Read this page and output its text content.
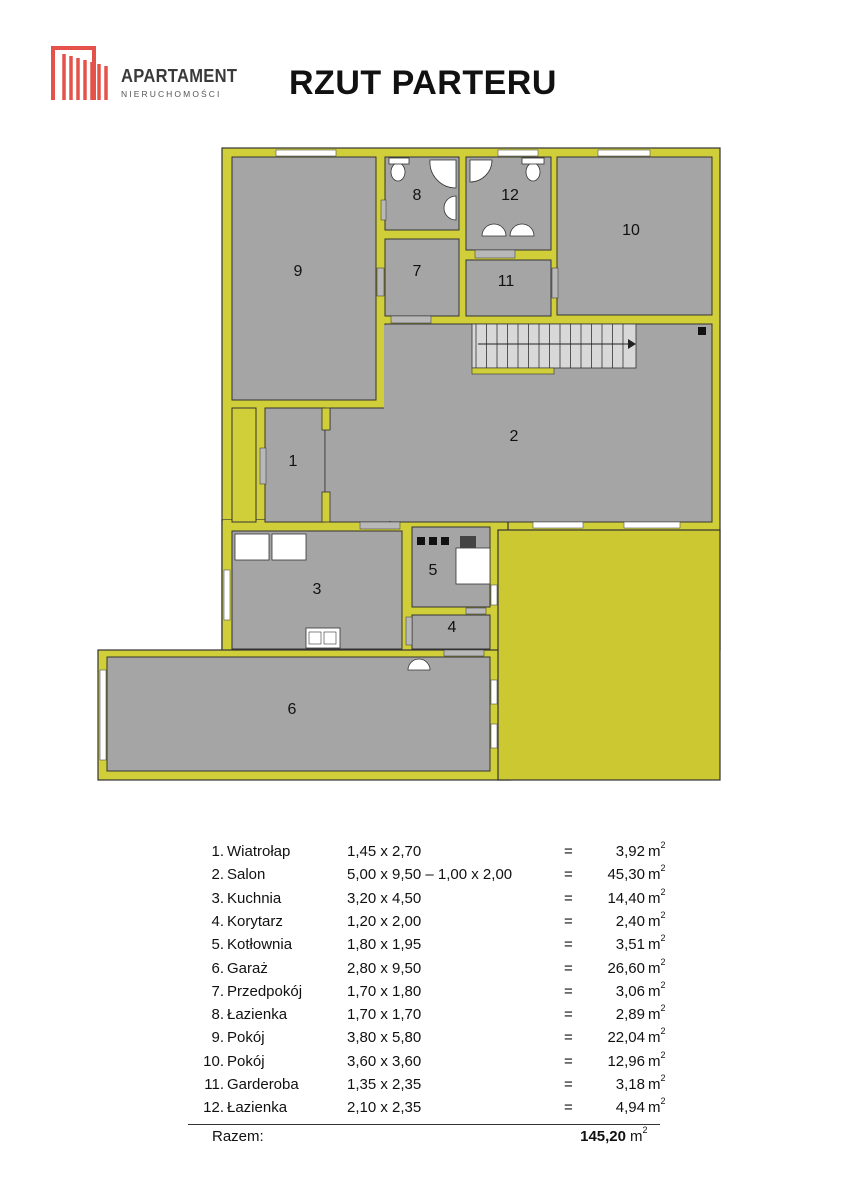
APARTAMENT
NIERUCHOMOŚCI RZUT PARTERU
1
2
3
4
5
6
7
8
9
10
11
12
1. Wiatrołap	1,45 x 2,70	=	3,92 $m^2$
2. Salon	5,00 x 9,50 – 1,00 x 2,00	=	45,30 $m^2$
3. Kuchnia	3,20 x 4,50	=	14,40 $m^2$
4. Korytarz	1,20 x 2,00	=	2,40 $m^2$
5. Kotłownia	1,80 x 1,95	=	3,51 $m^2$
6. Garaż	2,80 x 9,50	=	26,60 $m^2$
7. Przedpokój	1,70 x 1,80	=	3,06 $m^2$
8. Łazienka	1,70 x 1,70	=	2,89 $m^2$
9. Pokój	3,80 x 5,80	=	22,04 $m^2$
10. Pokój	3,60 x 3,60	=	12,96 $m^2$
11. Garderoba	1,35 x 2,35	=	3,18 $m^2$
12. Łazienka	2,10 x 2,35	=	4,94 $m^2$
Razem:	145,20 $m^2$
